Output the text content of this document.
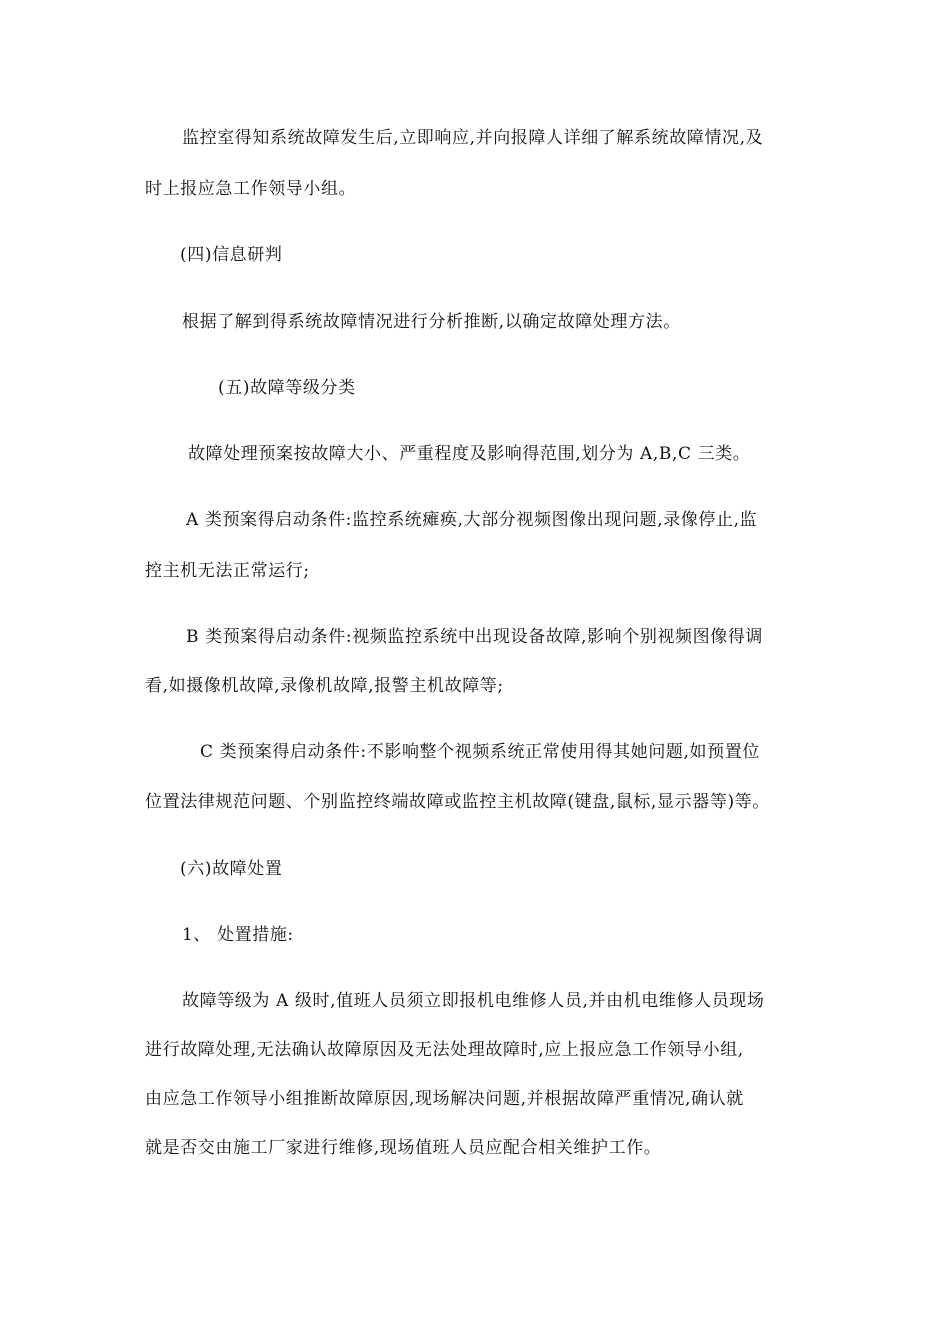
监控室得知系统故障发生后,立即响应,并向报障人详细了解系统故障情况,及
时上报应急工作领导小组。
(四)信息研判
根据了解到得系统故障情况进行分析推断,以确定故障处理方法。
(五)故障等级分类
故障处理预案按故障大小、严重程度及影响得范围,划分为 A,B,C 三类。
A 类预案得启动条件:监控系统瘫痪,大部分视频图像出现问题,录像停止,监
控主机无法正常运行;
B 类预案得启动条件:视频监控系统中出现设备故障,影响个别视频图像得调
看,如摄像机故障,录像机故障,报警主机故障等;
C 类预案得启动条件:不影响整个视频系统正常使用得其她问题,如预置位
位置法律规范问题、个别监控终端故障或监控主机故障(键盘,鼠标,显示器等)等。
(六)故障处置
1、 处置措施:
故障等级为 A 级时,值班人员须立即报机电维修人员,并由机电维修人员现场
进行故障处理,无法确认故障原因及无法处理故障时,应上报应急工作领导小组,
由应急工作领导小组推断故障原因,现场解决问题,并根据故障严重情况,确认就
就是否交由施工厂家进行维修,现场值班人员应配合相关维护工作。
